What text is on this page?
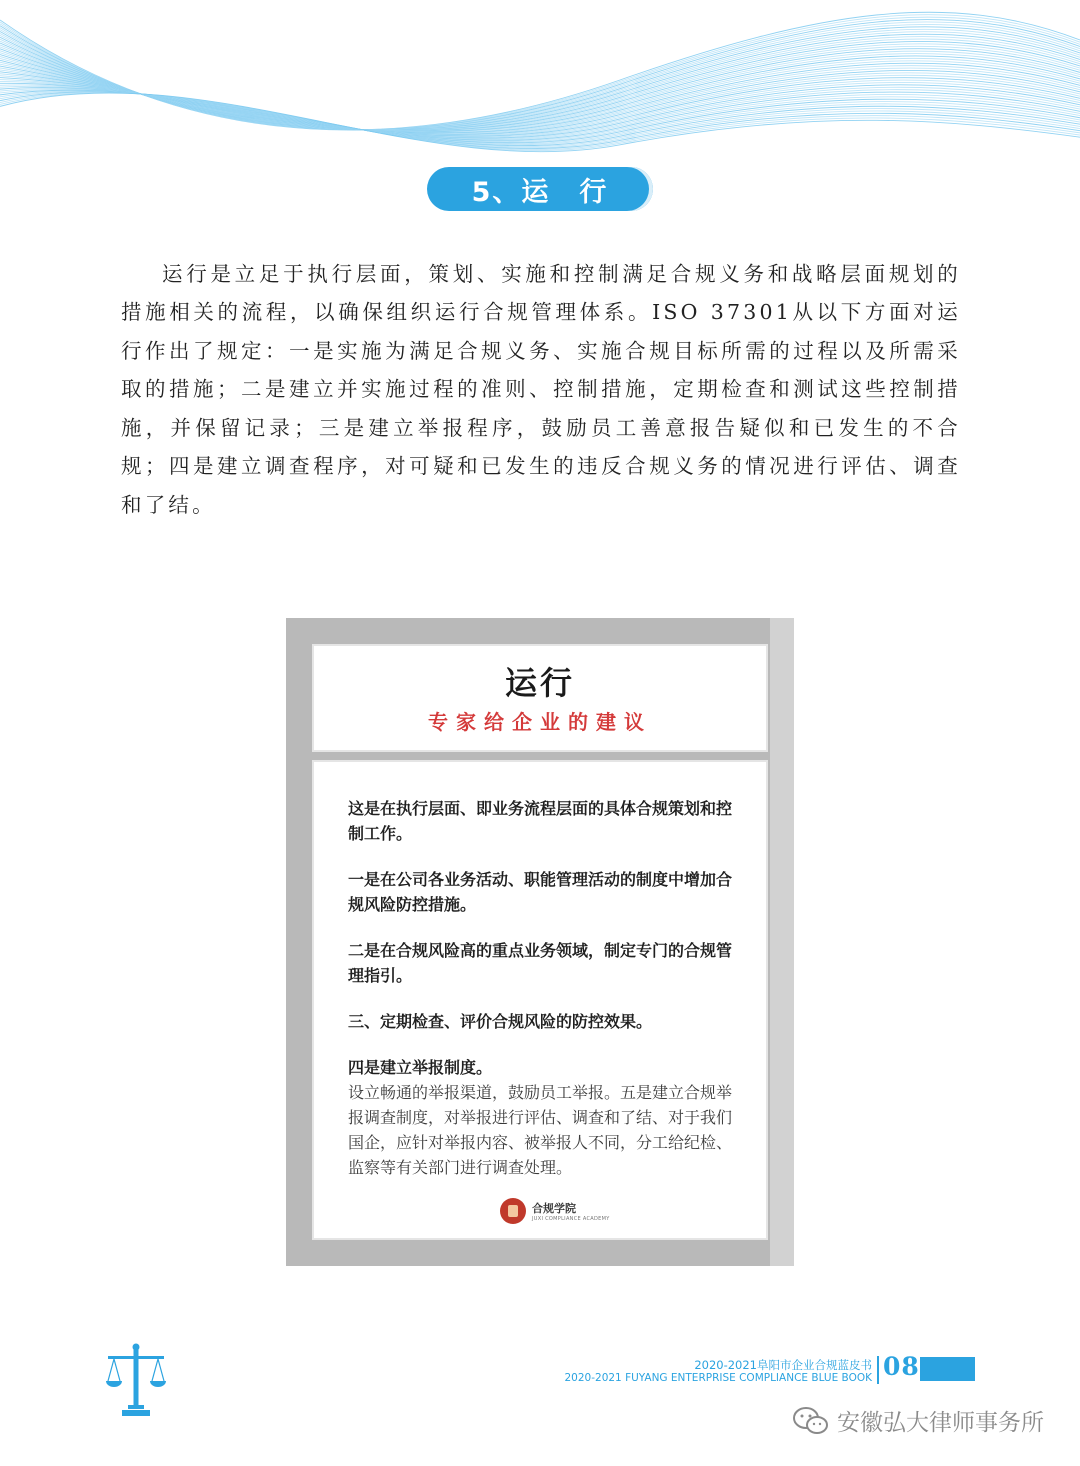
5、运　行

运行是立足于执行层面，策划、实施和控制满足合规义务和战略层面规划的措施相关的流程，以确保组织运行合规管理体系。ISO 37301从以下方面对运行作出了规定：一是实施为满足合规义务、实施合规目标所需的过程以及所需采取的措施；二是建立并实施过程的准则、控制措施，定期检查和测试这些控制措施，并保留记录；三是建立举报程序，鼓励员工善意报告疑似和已发生的不合规；四是建立调查程序，对可疑和已发生的违反合规义务的情况进行评估、调查和了结。

运行
专家给企业的建议

这是在执行层面、即业务流程层面的具体合规策划和控制工作。

一是在公司各业务活动、职能管理活动的制度中增加合规风险防控措施。

二是在合规风险高的重点业务领域，制定专门的合规管理指引。

三、定期检查、评价合规风险的防控效果。

四是建立举报制度。

设立畅通的举报渠道，鼓励员工举报。五是建立合规举报调查制度，对举报进行评估、调查和了结、对于我们国企，应针对举报内容、被举报人不同，分工给纪检、监察等有关部门进行调查处理。

合规学院
JUXI COMPLIANCE ACADEMY
2020-2021阜阳市企业合规蓝皮书
2020-2021 FUYANG ENTERPRISE COMPLIANCE BLUE BOOK 08
安徽弘大律师事务所
